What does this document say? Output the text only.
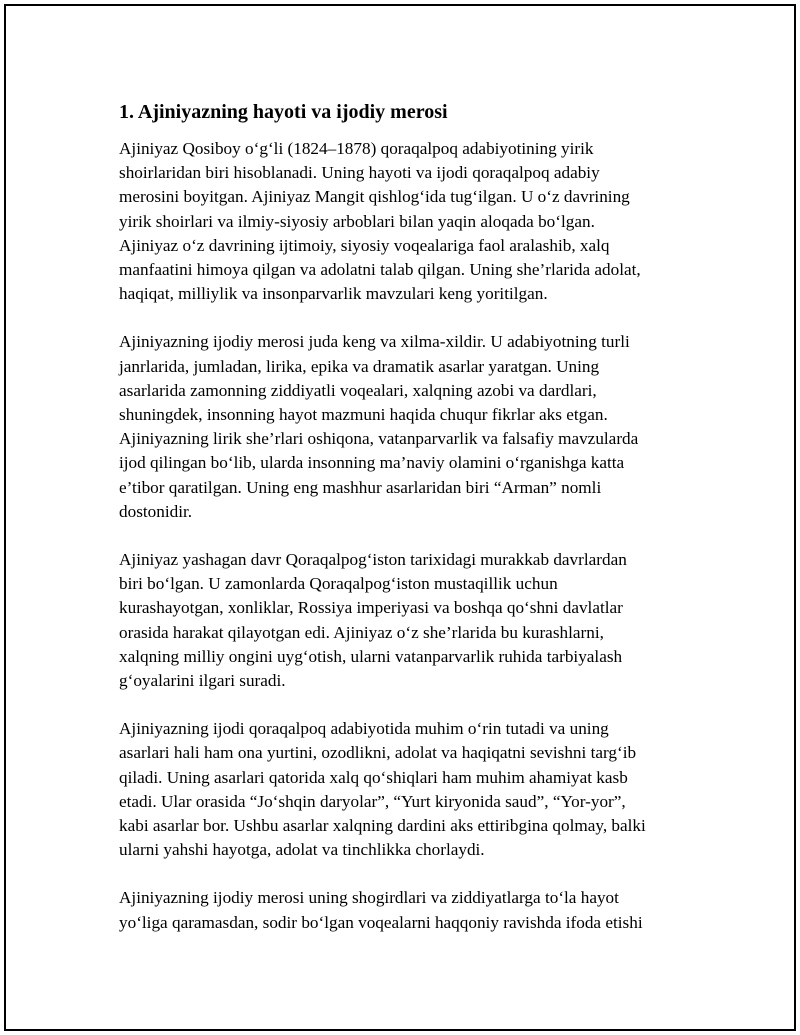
1. Ajiniyazning hayoti va ijodiy merosi
Ajiniyaz Qosiboy o‘g‘li (1824–1878) qoraqalpoq adabiyotining yirik
shoirlaridan biri hisoblanadi. Uning hayoti va ijodi qoraqalpoq adabiy
merosini boyitgan. Ajiniyaz Mangit qishlog‘ida tug‘ilgan. U o‘z davrining
yirik shoirlari va ilmiy-siyosiy arboblari bilan yaqin aloqada bo‘lgan.
Ajiniyaz o‘z davrining ijtimoiy, siyosiy voqealariga faol aralashib, xalq
manfaatini himoya qilgan va adolatni talab qilgan. Uning she’rlarida adolat,
haqiqat, milliylik va insonparvarlik mavzulari keng yoritilgan.
Ajiniyazning ijodiy merosi juda keng va xilma-xildir. U adabiyotning turli
janrlarida, jumladan, lirika, epika va dramatik asarlar yaratgan. Uning
asarlarida zamonning ziddiyatli voqealari, xalqning azobi va dardlari,
shuningdek, insonning hayot mazmuni haqida chuqur fikrlar aks etgan.
Ajiniyazning lirik she’rlari oshiqona, vatanparvarlik va falsafiy mavzularda
ijod qilingan bo‘lib, ularda insonning ma’naviy olamini o‘rganishga katta
e’tibor qaratilgan. Uning eng mashhur asarlaridan biri “Arman” nomli
dostonidir.
Ajiniyaz yashagan davr Qoraqalpog‘iston tarixidagi murakkab davrlardan
biri bo‘lgan. U zamonlarda Qoraqalpog‘iston mustaqillik uchun
kurashayotgan, xonliklar, Rossiya imperiyasi va boshqa qo‘shni davlatlar
orasida harakat qilayotgan edi. Ajiniyaz o‘z she’rlarida bu kurashlarni,
xalqning milliy ongini uyg‘otish, ularni vatanparvarlik ruhida tarbiyalash
g‘oyalarini ilgari suradi.
Ajiniyazning ijodi qoraqalpoq adabiyotida muhim o‘rin tutadi va uning
asarlari hali ham ona yurtini, ozodlikni, adolat va haqiqatni sevishni targ‘ib
qiladi. Uning asarlari qatorida xalq qo‘shiqlari ham muhim ahamiyat kasb
etadi. Ular orasida “Jo‘shqin daryolar”, “Yurt kiryonida saud”, “Yor-yor”,
kabi asarlar bor. Ushbu asarlar xalqning dardini aks ettiribgina qolmay, balki
ularni yahshi hayotga, adolat va tinchlikka chorlaydi.
Ajiniyazning ijodiy merosi uning shogirdlari va ziddiyatlarga to‘la hayot
yo‘liga qaramasdan, sodir bo‘lgan voqealarni haqqoniy ravishda ifoda etishi
